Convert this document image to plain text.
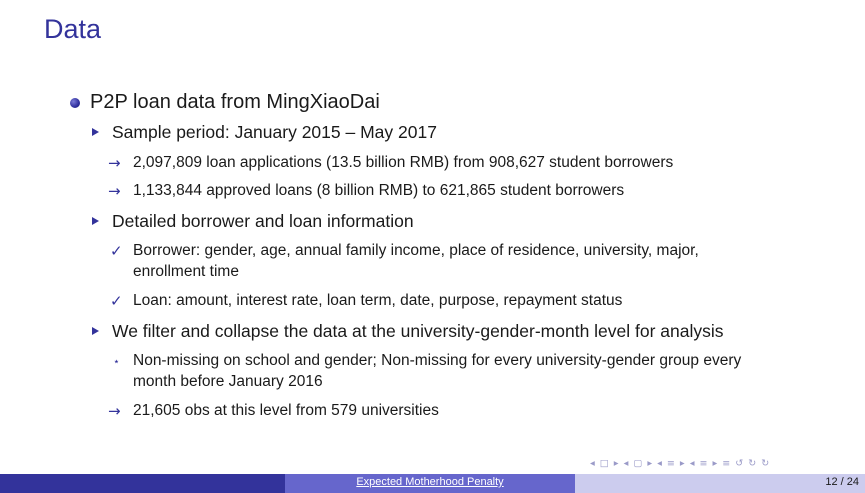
Data
P2P loan data from MingXiaoDai
Sample period: January 2015 – May 2017
→ 2,097,809 loan applications (13.5 billion RMB) from 908,627 student borrowers
→ 1,133,844 approved loans (8 billion RMB) to 621,865 student borrowers
Detailed borrower and loan information
✓ Borrower: gender, age, annual family income, place of residence, university, major,
enrollment time
✓ Loan: amount, interest rate, loan term, date, purpose, repayment status
We filter and collapse the data at the university-gender-month level for analysis
⋆ Non-missing on school and gender; Non-missing for every university-gender group every
month before January 2016
→ 21,605 obs at this level from 579 universities
◂ □ ▸ ◂ ▢ ▸ ◂ ≡ ▸ ◂ ≡ ▸ ≡ ↺ ↻ ↻
Expected Motherhood Penalty	12 / 24
